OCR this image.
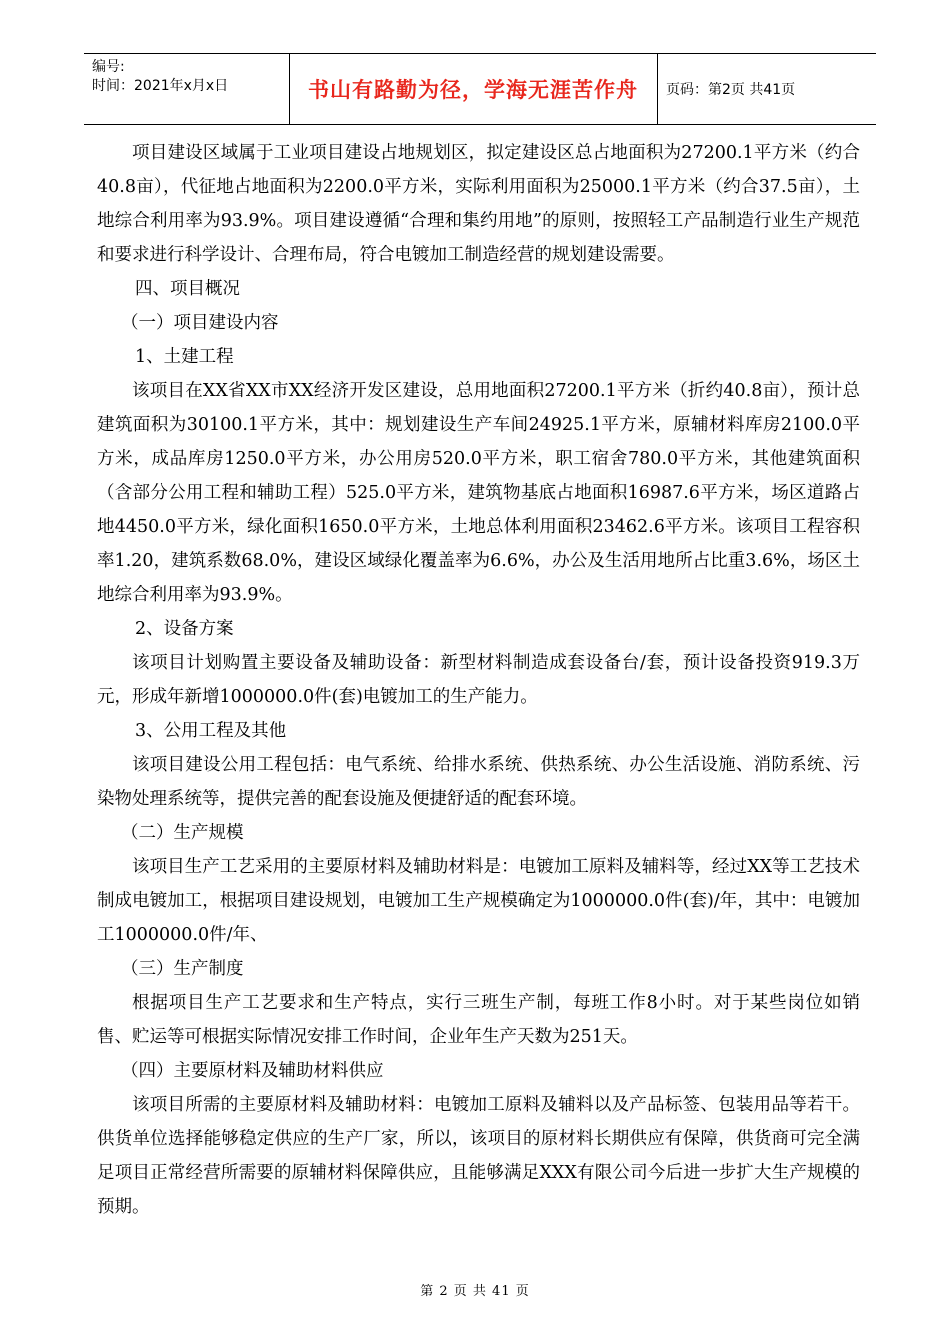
编号:
时间：2021年x月x日	书山有路勤为径，学海无涯苦作舟	页码：第2页 共41页

项目建设区域属于工业项目建设占地规划区，拟定建设区总占地面积为27200.1平方米（约合40.8亩），代征地占地面积为2200.0平方米，实际利用面积为25000.1平方米（约合37.5亩），土地综合利用率为93.9%。项目建设遵循“合理和集约用地”的原则，按照轻工产品制造行业生产规范和要求进行科学设计、合理布局，符合电镀加工制造经营的规划建设需要。

四、项目概况

（一）项目建设内容

1、土建工程

该项目在XX省XX市XX经济开发区建设，总用地面积27200.1平方米（折约40.8亩），预计总建筑面积为30100.1平方米，其中：规划建设生产车间24925.1平方米，原辅材料库房2100.0平方米，成品库房1250.0平方米，办公用房520.0平方米，职工宿舍780.0平方米，其他建筑面积（含部分公用工程和辅助工程）525.0平方米，建筑物基底占地面积16987.6平方米，场区道路占地4450.0平方米，绿化面积1650.0平方米，土地总体利用面积23462.6平方米。该项目工程容积率1.20，建筑系数68.0%，建设区域绿化覆盖率为6.6%，办公及生活用地所占比重3.6%，场区土地综合利用率为93.9%。

2、设备方案

该项目计划购置主要设备及辅助设备：新型材料制造成套设备台/套，预计设备投资919.3万元，形成年新增1000000.0件(套)电镀加工的生产能力。

3、公用工程及其他

该项目建设公用工程包括：电气系统、给排水系统、供热系统、办公生活设施、消防系统、污染物处理系统等，提供完善的配套设施及便捷舒适的配套环境。

（二）生产规模

该项目生产工艺采用的主要原材料及辅助材料是：电镀加工原料及辅料等，经过XX等工艺技术制成电镀加工，根据项目建设规划，电镀加工生产规模确定为1000000.0件(套)/年，其中：电镀加工1000000.0件/年、

（三）生产制度

根据项目生产工艺要求和生产特点，实行三班生产制，每班工作8小时。对于某些岗位如销售、贮运等可根据实际情况安排工作时间，企业年生产天数为251天。

（四）主要原材料及辅助材料供应

该项目所需的主要原材料及辅助材料：电镀加工原料及辅料以及产品标签、包装用品等若干。供货单位选择能够稳定供应的生产厂家，所以，该项目的原材料长期供应有保障，供货商可完全满足项目正常经营所需要的原辅材料保障供应，且能够满足XXX有限公司今后进一步扩大生产规模的预期。

第 2 页 共 41 页
